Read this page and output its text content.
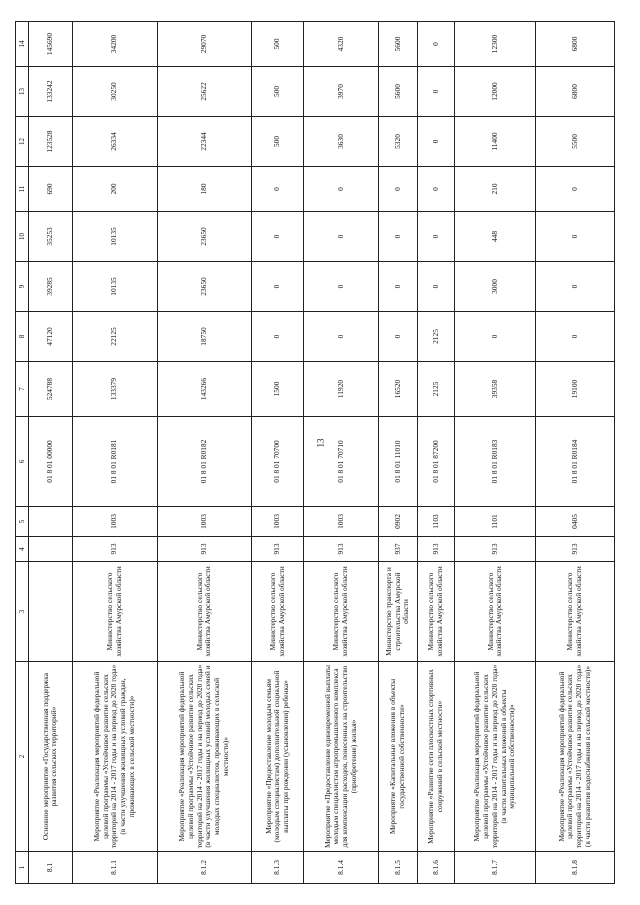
13
1	2	3	4	5	6	7	8	9	10	11	12	13	14
8.1	Основное мероприятие «Государственная поддержка развития сельских территорий»				01 8 01 00000	524788	47120	39285	35253	690	123528	133242	145690
8.1.1	Мероприятие «Реализация мероприятий федеральной целевой программы «Устойчивое развитие сельских территорий на 2014 - 2017 годы и на период до 2020 года» (в части улучшения жилищных условий граждан, проживающих в сельской местности)»	Министерство сельского хозяйства Амурской области	913	1003	01 8 01 R0181	133379	22125	10135	10135	200	26334	30250	34200
8.1.2	Мероприятие «Реализация мероприятий федеральной целевой программы «Устойчивое развитие сельских территорий на 2014 - 2017 годы и на период до 2020 года» (в части улучшения жилищных условий молодых семей и молодых специалистов, проживающих в сельской местности)»	Министерство сельского хозяйства Амурской области	913	1003	01 8 01 R0182	143266	18750	23650	23650	180	22344	25622	29070
8.1.3	Мероприятие «Предоставление молодым семьям (молодым специалистам) дополнительной социальной выплаты при рождении (усыновлении) ребенка»	Министерство сельского хозяйства Амурской области	913	1003	01 8 01 70700	1500	0	0	0	0	500	500	500
8.1.4	Мероприятие «Предоставление единовременной выплаты молодым специалистам агропромышленного комплекса для компенсации расходов, понесенных на строительство (приобретение) жилья»	Министерство сельского хозяйства Амурской области	913	1003	01 8 01 70710	11920	0	0	0	0	3630	3970	4320
8.1.5	Мероприятие «Капитальные вложения в объекты государственной собственности»	Министерство транспорта и строительства Амурской области	937	0902	01 8 01 11010	16520	0	0	0	0	5320	5600	5600
8.1.6	Мероприятие «Развитие сети плоскостных спортивных сооружений в сельской местности»	Министерство сельского хозяйства Амурской области	913	1103	01 8 01 87200	2125	2125	0	0	0	0	0	0
8.1.7	Мероприятие «Реализация мероприятий федеральной целевой программы «Устойчивое развитие сельских территорий на 2014 - 2017 годы и на период до 2020 года» (в части капитальных вложений в объекты муниципальной собственности)»	Министерство сельского хозяйства Амурской области	913	1101	01 8 01 R0183	39358	0	3000	448	210	11400	12000	12300
8.1.8	Мероприятие «Реализация мероприятий федеральной целевой программы «Устойчивое развитие сельских территорий на 2014 - 2017 годы и на период до 2020 года» (в части развития водоснабжения в сельской местности)»	Министерство сельского хозяйства Амурской области	913	0405	01 8 01 R0184	19100	0	0	0	0	5500	6800	6800
